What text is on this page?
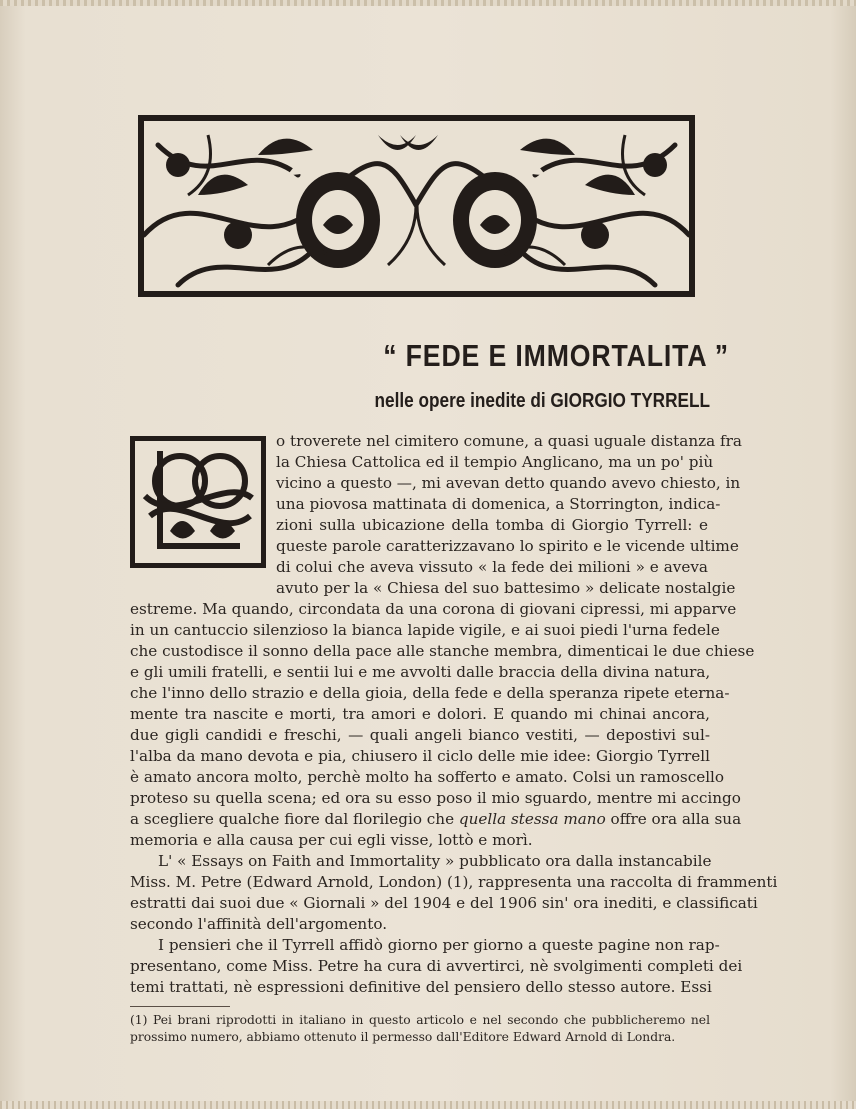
“ FEDE E IMMORTALITA ”
nelle opere inedite di GIORGIO TYRRELL
o troverete nel cimitero comune, a quasi uguale distanza fra
la Chiesa Cattolica ed il tempio Anglicano, ma un po' più
vicino a questo —, mi avevan detto quando avevo chiesto, in
una piovosa mattinata di domenica, a Storrington, indica-
zioni sulla ubicazione della tomba di Giorgio Tyrrell: e
queste parole caratterizzavano lo spirito e le vicende ultime
di colui che aveva vissuto « la fede dei milioni » e aveva
avuto per la « Chiesa del suo battesimo » delicate nostalgie
estreme. Ma quando, circondata da una corona di giovani cipressi, mi apparve
in un cantuccio silenzioso la bianca lapide vigile, e ai suoi piedi l'urna fedele
che custodisce il sonno della pace alle stanche membra, dimenticai le due chiese
e gli umili fratelli, e sentii lui e me avvolti dalle braccia della divina natura,
che l'inno dello strazio e della gioia, della fede e della speranza ripete eterna-
mente tra nascite e morti, tra amori e dolori. E quando mi chinai ancora,
due gigli candidi e freschi, — quali angeli bianco vestiti, — depostivi sul-
l'alba da mano devota e pia, chiusero il ciclo delle mie idee: Giorgio Tyrrell
è amato ancora molto, perchè molto ha sofferto e amato. Colsi un ramoscello
proteso su quella scena; ed ora su esso poso il mio sguardo, mentre mi accingo
a scegliere qualche fiore dal florilegio che quella stessa mano offre ora alla sua
memoria e alla causa per cui egli visse, lottò e morì.
L' « Essays on Faith and Immortality » pubblicato ora dalla instancabile
Miss. M. Petre (Edward Arnold, London) (1), rappresenta una raccolta di frammenti
estratti dai suoi due « Giornali » del 1904 e del 1906 sin' ora inediti, e classificati
secondo l'affinità dell'argomento.
I pensieri che il Tyrrell affidò giorno per giorno a queste pagine non rap-
presentano, come Miss. Petre ha cura di avvertirci, nè svolgimenti completi dei
temi trattati, nè espressioni definitive del pensiero dello stesso autore. Essi
(1) Pei brani riprodotti in italiano in questo articolo e nel secondo che pubblicheremo nel
prossimo numero, abbiamo ottenuto il permesso dall'Editore Edward Arnold di Londra.
